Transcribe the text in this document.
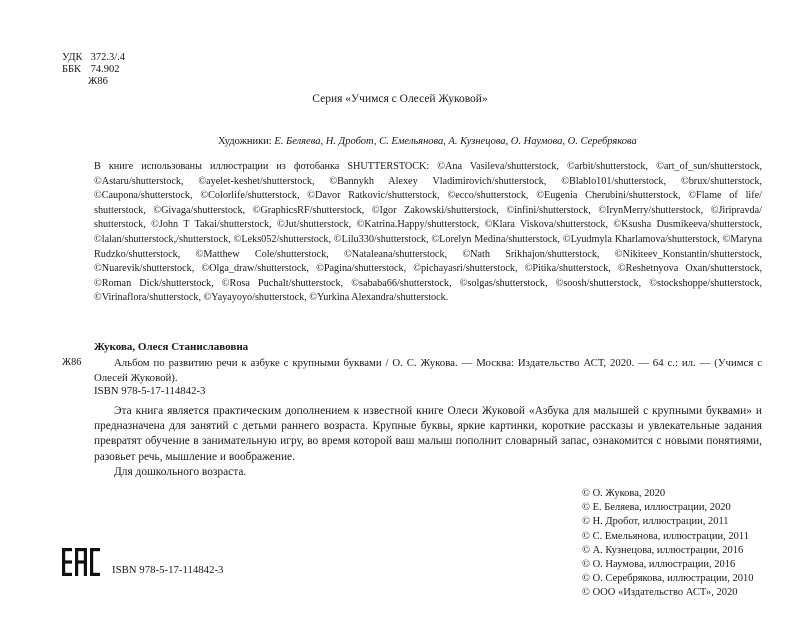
УДК 372.3/.4
ББК 74.902
Ж86
Серия «Учимся с Олесей Жуковой»
Художники: Е. Беляева, Н. Дробот, С. Емельянова, А. Кузнецова, О. Наумова, О. Серебрякова
В книге использованы иллюстрации из фотобанка SHUTTERSTOCK: ©Ana Vasileva/shutterstock, ©arbit/shutterstock, ©art_of_sun/shutterstock, ©Astaru/shutterstock, ©ayelet-keshet/shutterstock, ©Bannykh Alexey Vladimirovich/shutterstock, ©Blablo101/shutterstock, ©brux/shutterstock, ©Caupona/shutterstock, ©Colorlife/shutterstock, ©Davor Ratkovic/shutterstock, ©ecco/shutterstock, ©Eugenia Cherubini/shutterstock, ©Flame of life/ shutterstock, ©Givaga/shutterstock, ©GraphicsRF/shutterstock, ©Igor Zakowski/shutterstock, ©infini/shutterstock, ©IrynMerry/shutterstock, ©Jiripravda/ shutterstock, ©John T Takai/shutterstock, ©Jut/shutterstock, ©Katrina.Happy/shutterstock, ©Klara Viskova/shutterstock, ©Ksusha Dusmikeeva/shutterstock, ©lalan/shutterstock,/shutterstock, ©Leks052/shutterstock, ©Lilu330/shutterstock, ©Lorelyn Medina/shutterstock, ©Lyudmyla Kharlamova/shutterstock, ©Maryna Rudzko/shutterstock, ©Matthew Cole/shutterstock, ©Nataleana/shutterstock, ©Nath Srikhajon/shutterstock, ©Nikiteev_Konstantin/shutterstock, ©Nuarevik/shutterstock, ©Olga_draw/shutterstock, ©Pagina/shutterstock, ©pichayasri/shutterstock, ©Pitika/shutterstock, ©Reshetnyova Oxan/shutterstock, ©Roman Dick/shutterstock, ©Rosa Puchalt/shutterstock, ©sababa66/shutterstock, ©solgas/shutterstock, ©soosh/shutterstock, ©stockshoppe/shutterstock, ©Virinaflora/shutterstock, ©Yayayoyo/shutterstock, ©Yurkina Alexandra/shutterstock.
Жукова, Олеся Станиславовна
Ж86	Альбом по развитию речи к азбуке с крупными буквами / О. С. Жукова. — Москва: Издательство АСТ, 2020. — 64 с.: ил. — (Учимся с Олесей Жуковой).
ISBN 978-5-17-114842-3

Эта книга является практическим дополнением к известной книге Олеси Жуковой «Азбука для малышей с крупными буквами» и предназначена для занятий с детьми раннего возраста. Крупные буквы, яркие картинки, короткие рассказы и увлекательные задания превратят обучение в занимательную игру, во время которой ваш малыш пополнит словарный запас, ознакомится с новыми понятиями, разовьет речь, мышление и воображение.

Для дошкольного возраста.

© О. Жукова, 2020
© Е. Беляева, иллюстрации, 2020
© Н. Дробот, иллюстрации, 2011
© С. Емельянова, иллюстрации, 2011
© А. Кузнецова, иллюстрации, 2016
© О. Наумова, иллюстрации, 2016
© О. Серебрякова, иллюстрации, 2010
© ООО «Издательство АСТ», 2020
ISBN 978-5-17-114842-3
